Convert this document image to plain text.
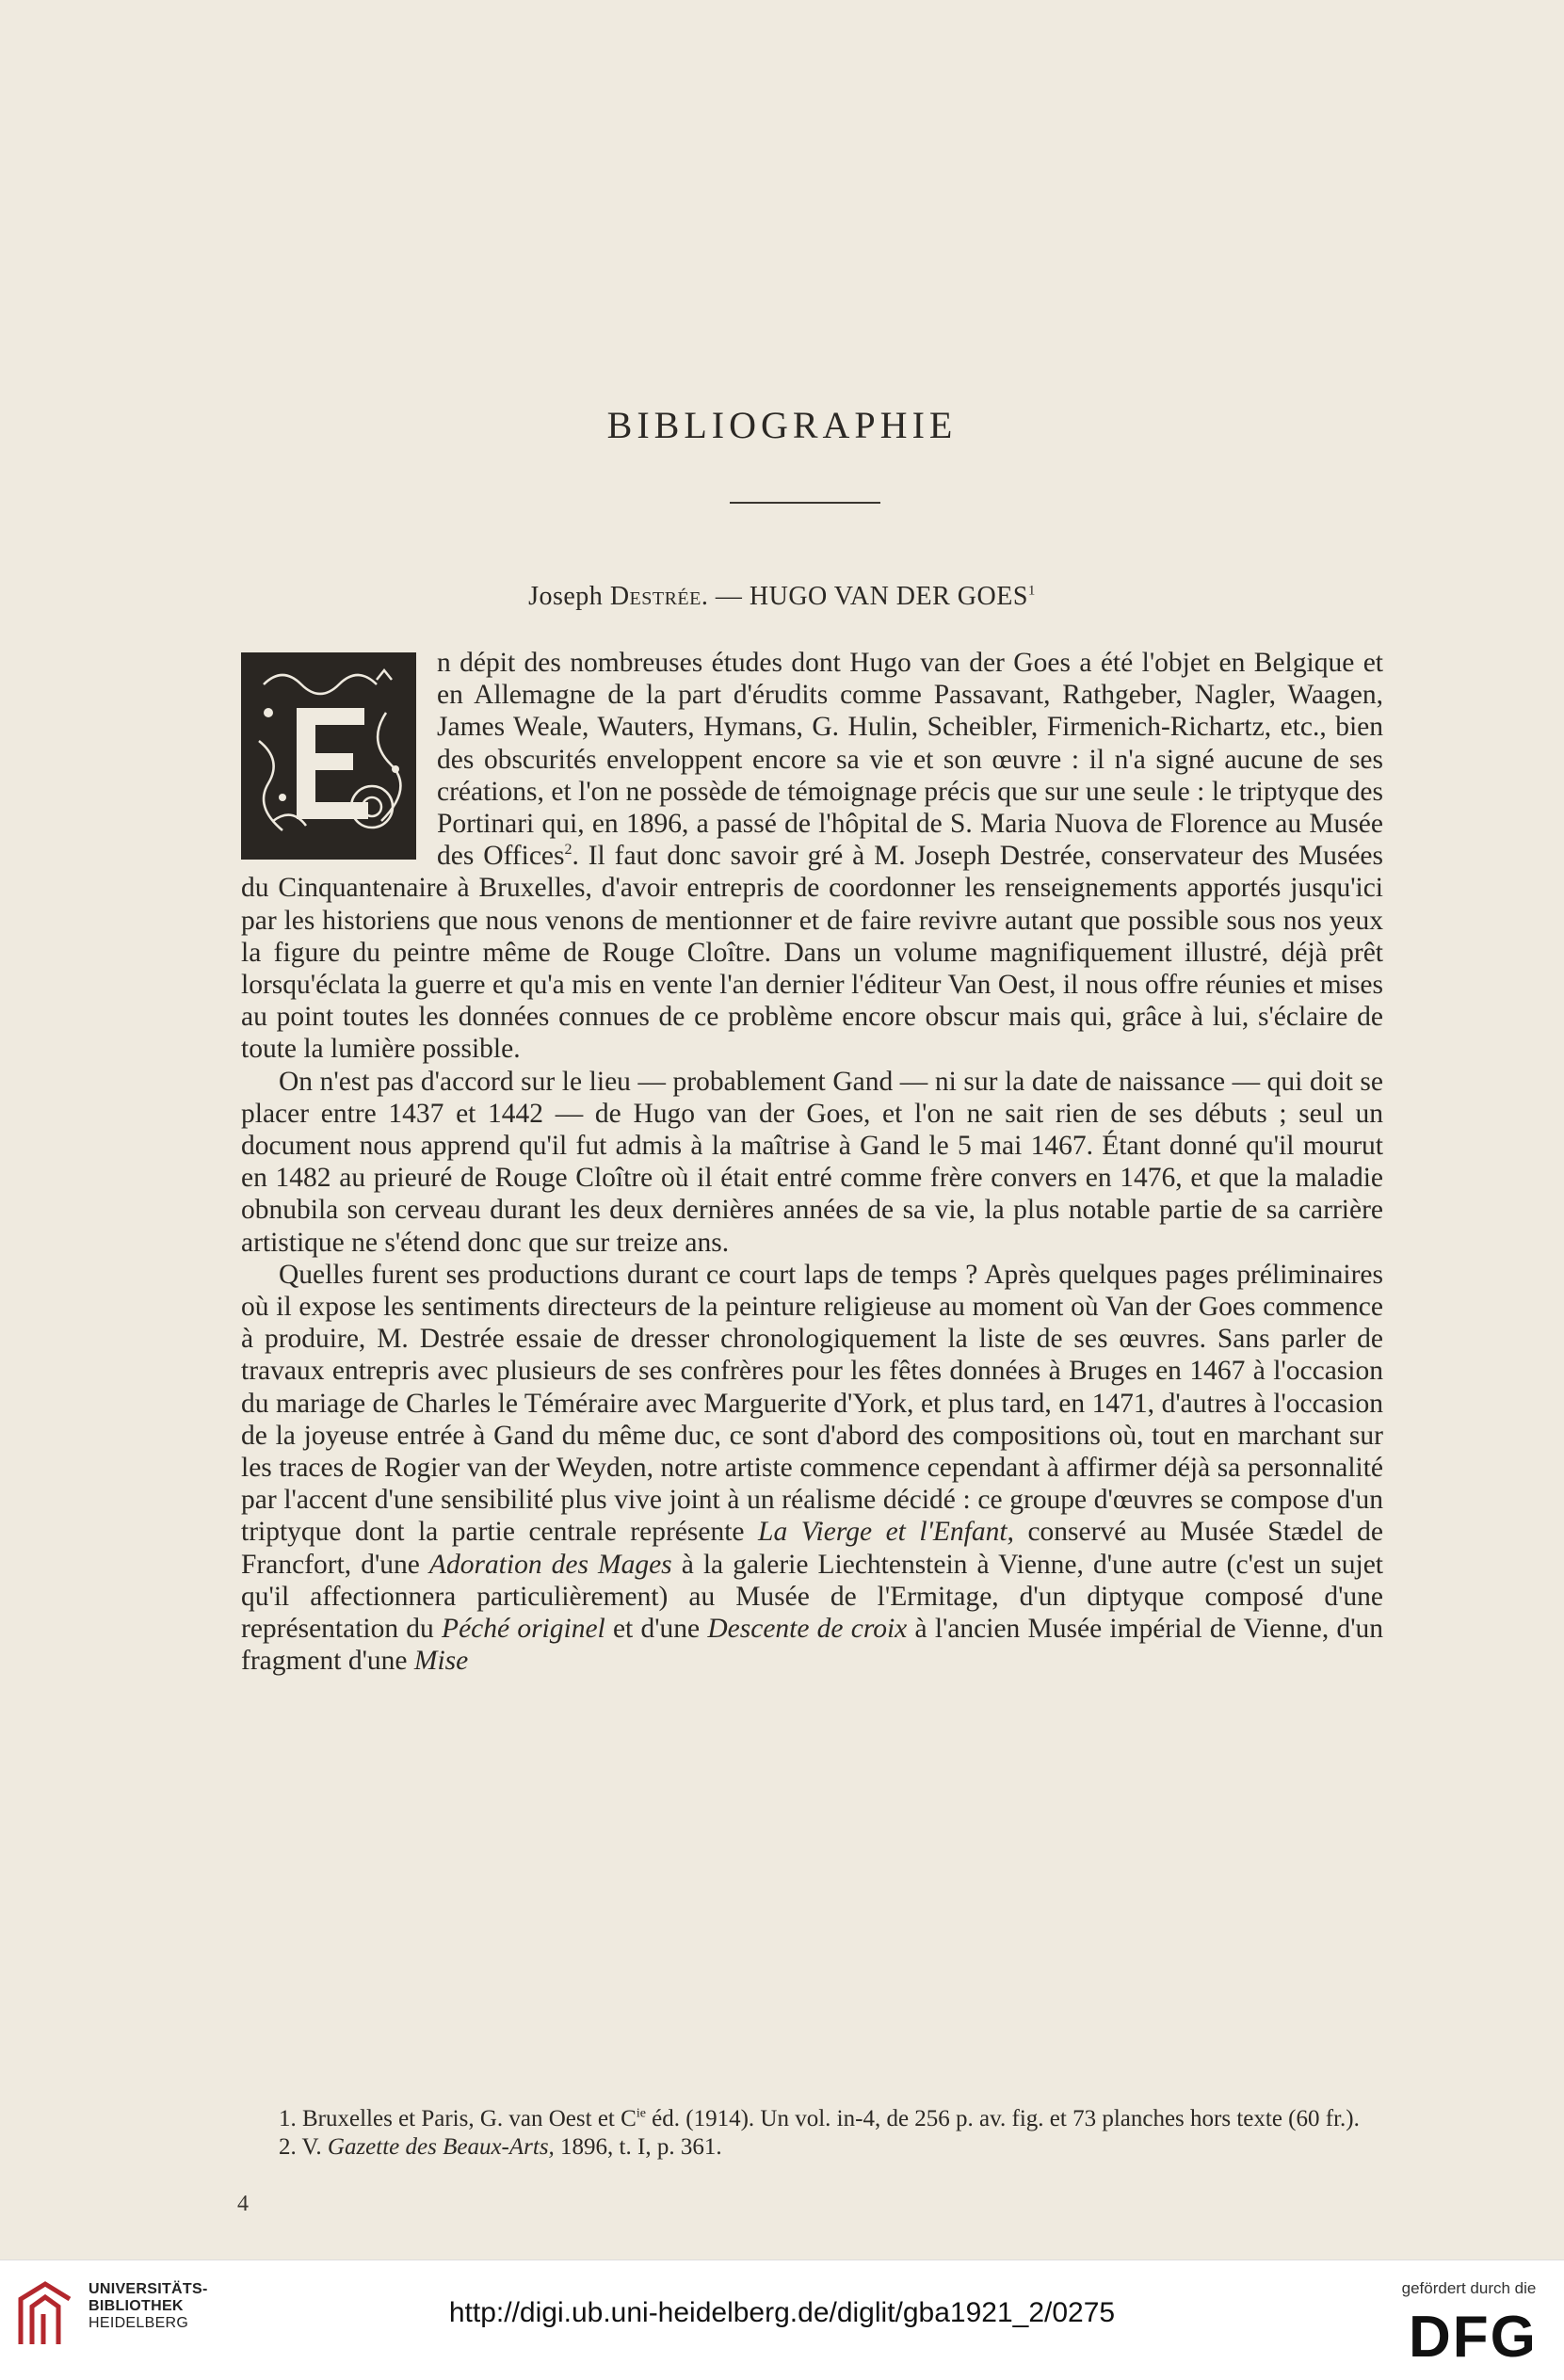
BIBLIOGRAPHIE
Joseph Destrée. — HUGO VAN DER GOES$^1$

n dépit des nombreuses études dont Hugo van der Goes a été l'objet en Belgique et en Allemagne de la part d'érudits comme Passavant, Rathgeber, Nagler, Waagen, James Weale, Wauters, Hymans, G. Hulin, Scheibler, Firmenich-Richartz, etc., bien des obscurités enveloppent encore sa vie et son œuvre : il n'a signé aucune de ses créations, et l'on ne possède de témoignage précis que sur une seule : le triptyque des Portinari qui, en 1896, a passé de l'hôpital de S. Maria Nuova de Florence au Musée des Offices$^2$. Il faut donc savoir gré à M. Joseph Destrée, conservateur des Musées du Cinquantenaire à Bruxelles, d'avoir entrepris de coordonner les renseignements apportés jusqu'ici par les historiens que nous venons de mentionner et de faire revivre autant que possible sous nos yeux la figure du peintre même de Rouge Cloître. Dans un volume magnifiquement illustré, déjà prêt lorsqu'éclata la guerre et qu'a mis en vente l'an dernier l'éditeur Van Oest, il nous offre réunies et mises au point toutes les données connues de ce problème encore obscur mais qui, grâce à lui, s'éclaire de toute la lumière possible.

On n'est pas d'accord sur le lieu — probablement Gand — ni sur la date de naissance — qui doit se placer entre 1437 et 1442 — de Hugo van der Goes, et l'on ne sait rien de ses débuts ; seul un document nous apprend qu'il fut admis à la maîtrise à Gand le 5 mai 1467. Étant donné qu'il mourut en 1482 au prieuré de Rouge Cloître où il était entré comme frère convers en 1476, et que la maladie obnubila son cerveau durant les deux dernières années de sa vie, la plus notable partie de sa carrière artistique ne s'étend donc que sur treize ans.

Quelles furent ses productions durant ce court laps de temps ? Après quelques pages préliminaires où il expose les sentiments directeurs de la peinture religieuse au moment où Van der Goes commence à produire, M. Destrée essaie de dresser chronologiquement la liste de ses œuvres. Sans parler de travaux entrepris avec plusieurs de ses confrères pour les fêtes données à Bruges en 1467 à l'occasion du mariage de Charles le Téméraire avec Marguerite d'York, et plus tard, en 1471, d'autres à l'occasion de la joyeuse entrée à Gand du même duc, ce sont d'abord des compositions où, tout en marchant sur les traces de Rogier van der Weyden, notre artiste commence cependant à affirmer déjà sa personnalité par l'accent d'une sensibilité plus vive joint à un réalisme décidé : ce groupe d'œuvres se compose d'un triptyque dont la partie centrale représente La Vierge et l'Enfant, conservé au Musée Stædel de Francfort, d'une Adoration des Mages à la galerie Liechtenstein à Vienne, d'une autre (c'est un sujet qu'il affectionnera particulièrement) au Musée de l'Ermitage, d'un diptyque composé d'une représentation du Péché originel et d'une Descente de croix à l'ancien Musée impérial de Vienne, d'un fragment d'une Mise

1. Bruxelles et Paris, G. van Oest et $C^{ie}$ éd. (1914). Un vol. in-4, de 256 p. av. fig. et 73 planches hors texte (60 fr.).

2. V. Gazette des Beaux-Arts, 1896, t. I, p. 361.

4
UNIVERSITÄTS-
BIBLIOTHEK
HEIDELBERG	http://digi.ub.uni-heidelberg.de/diglit/gba1921_2/0275
gefördert durch die
DFG
